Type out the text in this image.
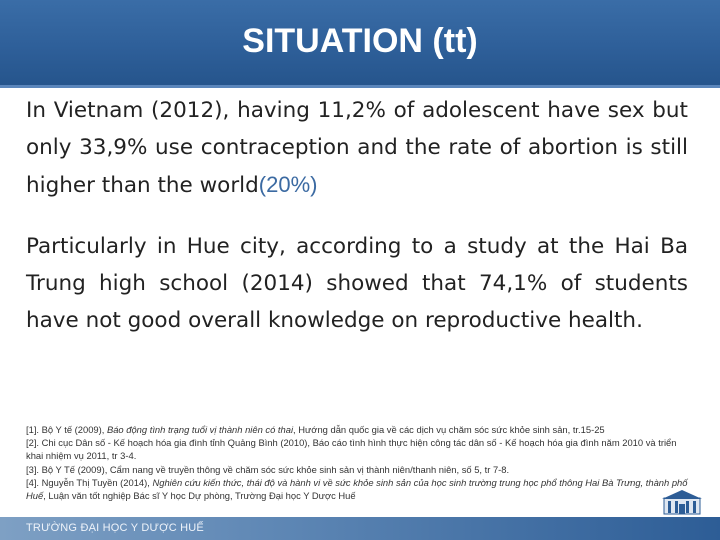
SITUATION (tt)
In Vietnam (2012), having 11,2% of adolescent have sex but only 33,9% use contraception and the rate of abortion is still higher than the world(20%)
Particularly in Hue city, according to a study at the Hai Ba Trung high school (2014) showed that 74,1% of students have not good overall knowledge on reproductive health.
[1]. Bộ Y tế (2009), Báo động tình trạng tuổi vị thành niên có thai, Hướng dẫn quốc gia về các dịch vụ chăm sóc sức khỏe sinh sản, tr.15-25
[2]. Chi cục Dân số - Kế hoạch hóa gia đình tỉnh Quảng Bình (2010), Báo cáo tình hình thực hiện công tác dân số - Kế hoạch hóa gia đình năm 2010 và triển khai nhiệm vụ 2011, tr 3-4.
[3]. Bộ Y Tế (2009), Cẩm nang về truyền thông về chăm sóc sức khỏe sinh sản vị thành niên/thanh niên, số 5, tr 7-8.
[4]. Nguyễn Thị Tuyền (2014), Nghiên cứu kiến thức, thái độ và hành vi về sức khỏe sinh sản của học sinh trường trung học phổ thông Hai Bà Trưng, thành phố Huế, Luận văn tốt nghiệp Bác sĩ Y học Dự phòng, Trường Đại học Y Dược Huế
TRƯỜNG ĐẠI HỌC Y DƯỢC HUẾ
